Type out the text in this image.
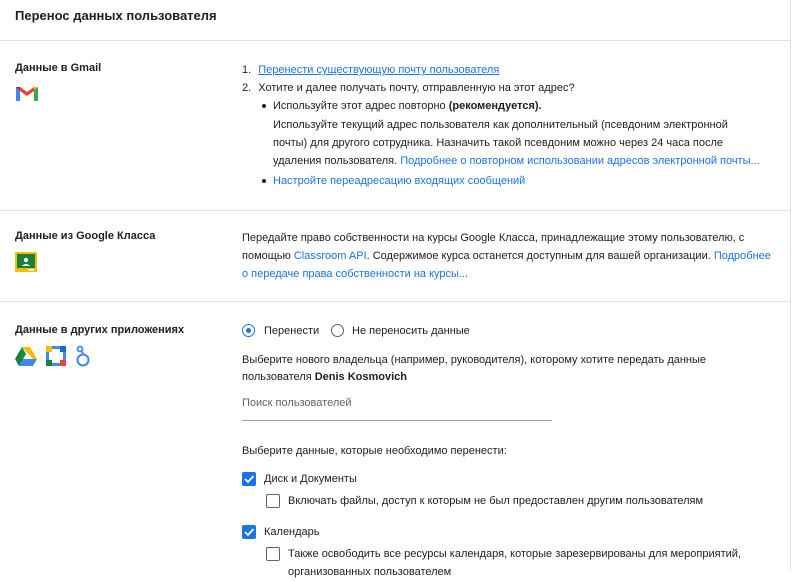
Перенос данных пользователя
Данные в Gmail	1. Перенести существующую почту пользователя
2. Хотите и далее получать почту, отправленную на этот адрес?
Используйте этот адрес повторно (рекомендуется).
Используйте текущий адрес пользователя как дополнительный (псевдоним электронной
почты) для другого сотрудника. Назначить такой псевдоним можно через 24 часа после
удаления пользователя. Подробнее о повторном использовании адресов электронной почты...
Настройте переадресацию входящих сообщений
Данные из Google Класса	Передайте право собственности на курсы Google Класса, принадлежащие этому пользователю, с
помощью Classroom API. Содержимое курса останется доступным для вашей организации. Подробнее
о передаче права собственности на курсы...
Данные в других приложениях	Перенести	Не переносить данные
Выберите нового владельца (например, руководителя), которому хотите передать данные
пользователя Denis Kosmovich
Поиск пользователей
Выберите данные, которые необходимо перенести:
Диск и Документы
Включать файлы, доступ к которым не был предоставлен другим пользователям
Календарь
Также освободить все ресурсы календаря, которые зарезервированы для мероприятий,
организованных пользователем
